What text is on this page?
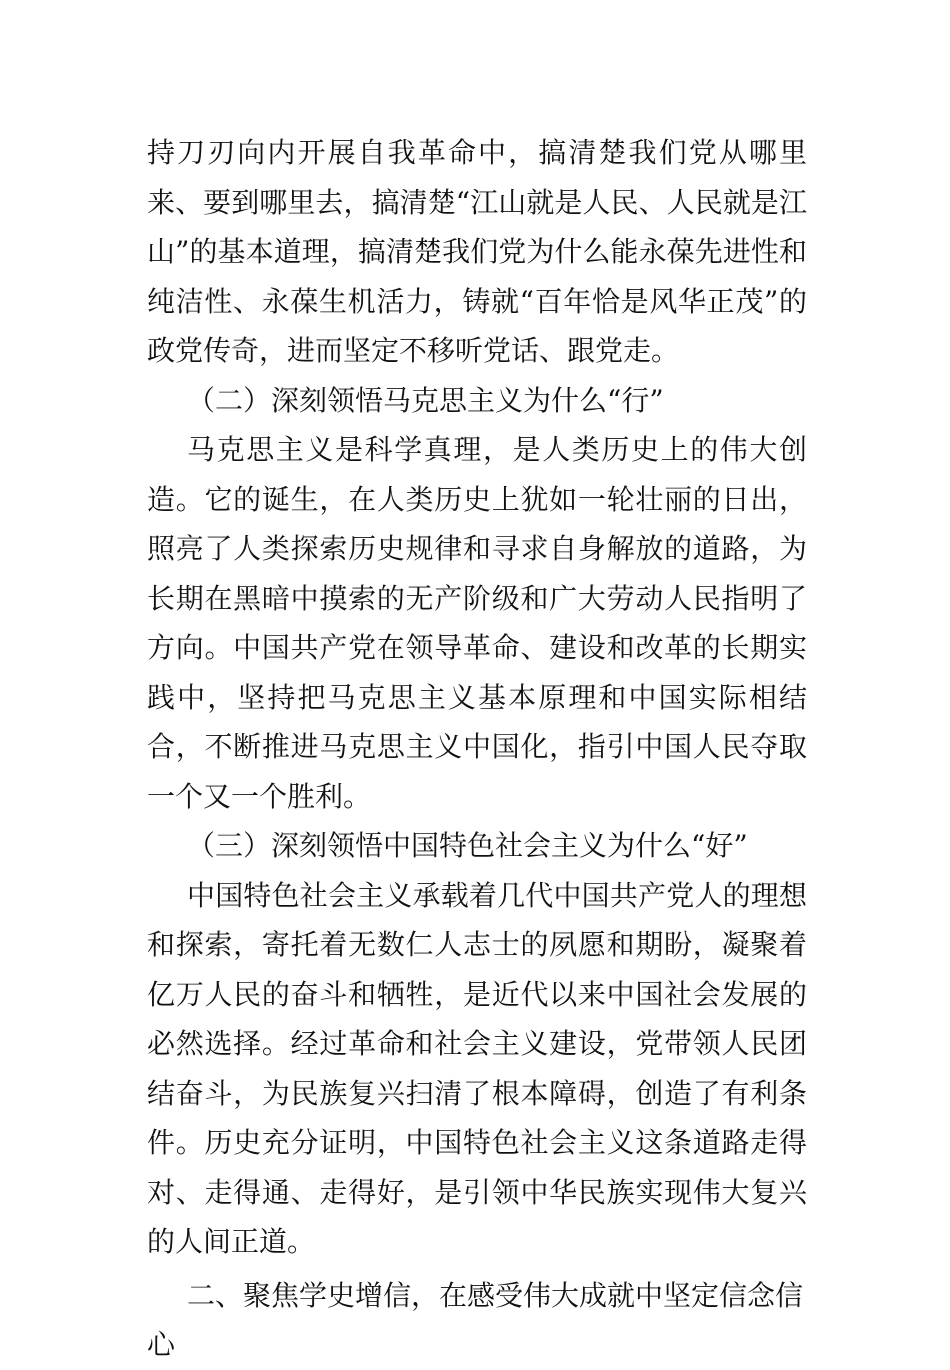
持刀刃向内开展自我革命中，搞清楚我们党从哪里来、要到哪里去，搞清楚“江山就是人民、人民就是江山”的基本道理，搞清楚我们党为什么能永葆先进性和纯洁性、永葆生机活力，铸就“百年恰是风华正茂”的政党传奇，进而坚定不移听党话、跟党走。

（二）深刻领悟马克思主义为什么“行”

马克思主义是科学真理，是人类历史上的伟大创造。它的诞生，在人类历史上犹如一轮壮丽的日出，照亮了人类探索历史规律和寻求自身解放的道路，为长期在黑暗中摸索的无产阶级和广大劳动人民指明了方向。中国共产党在领导革命、建设和改革的长期实践中，坚持把马克思主义基本原理和中国实际相结合，不断推进马克思主义中国化，指引中国人民夺取一个又一个胜利。

（三）深刻领悟中国特色社会主义为什么“好”

中国特色社会主义承载着几代中国共产党人的理想和探索，寄托着无数仁人志士的夙愿和期盼，凝聚着亿万人民的奋斗和牺牲，是近代以来中国社会发展的必然选择。经过革命和社会主义建设，党带领人民团结奋斗，为民族复兴扫清了根本障碍，创造了有利条件。历史充分证明，中国特色社会主义这条道路走得对、走得通、走得好，是引领中华民族实现伟大复兴的人间正道。

二、聚焦学史增信，在感受伟大成就中坚定信念信心
